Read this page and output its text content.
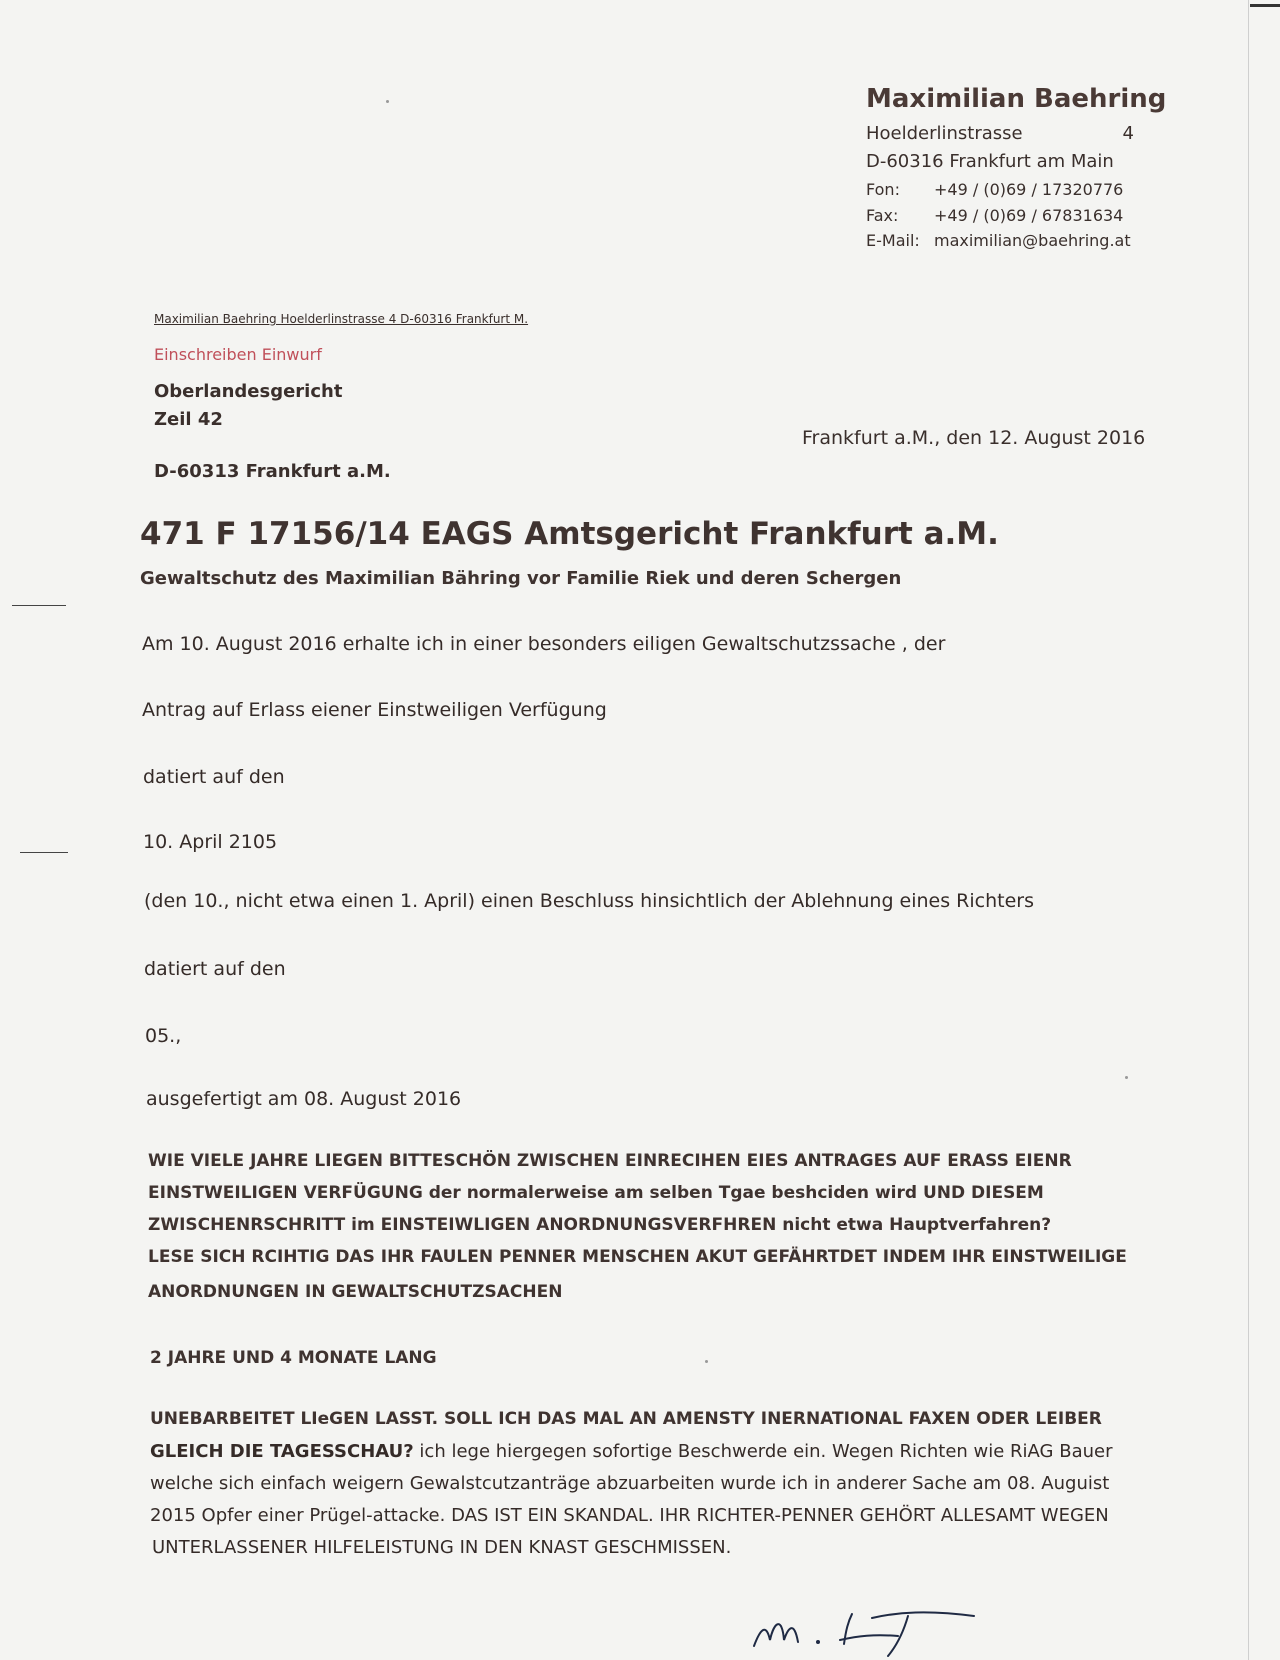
Maximilian Baehring
Hoelderlinstrasse	4
D-60316 Frankfurt am Main
Fon: +49 / (0)69 / 17320776
Fax: +49 / (0)69 / 67831634
E-Mail: maximilian@baehring.at
Maximilian Baehring Hoelderlinstrasse 4 D-60316 Frankfurt M.
Einschreiben Einwurf
Oberlandesgericht
Zeil 42
D-60313 Frankfurt a.M.
Frankfurt a.M., den 12. August 2016
471 F 17156/14 EAGS Amtsgericht Frankfurt a.M.
Gewaltschutz des Maximilian Bähring vor Familie Riek und deren Schergen
Am 10. August 2016 erhalte ich in einer besonders eiligen Gewaltschutzssache , der
Antrag auf Erlass eiener Einstweiligen Verfügung
datiert auf den
10. April 2105
(den 10., nicht etwa einen 1. April) einen Beschluss hinsichtlich der Ablehnung eines Richters
datiert auf den
05.,
ausgefertigt am 08. August 2016
WIE VIELE JAHRE LIEGEN BITTESCHÖN ZWISCHEN EINRECIHEN EIES ANTRAGES AUF ERASS EIENR
EINSTWEILIGEN VERFÜGUNG der normalerweise am selben Tgae beshciden wird UND DIESEM
ZWISCHENRSCHRITT im EINSTEIWLIGEN ANORDNUNGSVERFHREN nicht etwa Hauptverfahren?
LESE SICH RCIHTIG DAS IHR FAULEN PENNER MENSCHEN AKUT GEFÄHRTDET INDEM IHR EINSTWEILIGE
ANORDNUNGEN IN GEWALTSCHUTZSACHEN
2 JAHRE UND 4 MONATE LANG
UNEBARBEITET LIeGEN LASST. SOLL ICH DAS MAL AN AMENSTY INERNATIONAL FAXEN ODER LEIBER
GLEICH DIE TAGESSCHAU? ich lege hiergegen sofortige Beschwerde ein. Wegen Richten wie RiAG Bauer
welche sich einfach weigern Gewalstcutzanträge abzuarbeiten wurde ich in anderer Sache am 08. Auguist
2015 Opfer einer Prügel-attacke. DAS IST EIN SKANDAL. IHR RICHTER-PENNER GEHÖRT ALLESAMT WEGEN
UNTERLASSENER HILFELEISTUNG IN DEN KNAST GESCHMISSEN.
